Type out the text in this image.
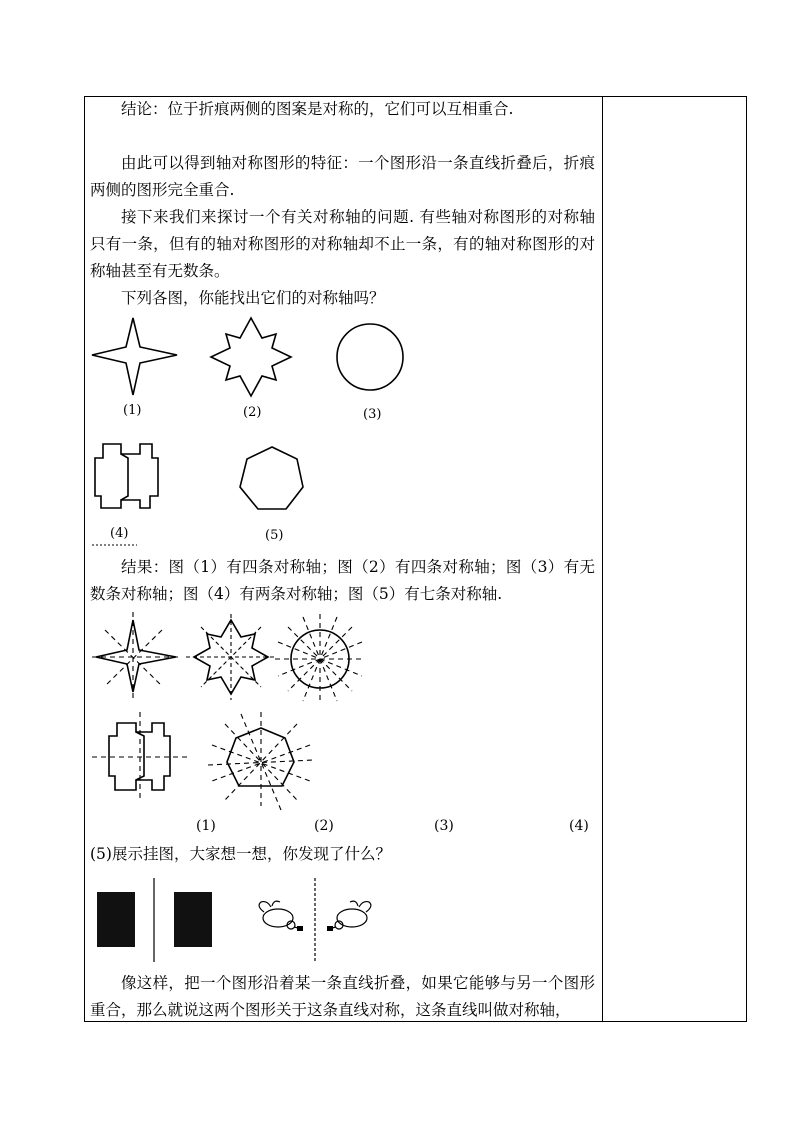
结论：位于折痕两侧的图案是对称的，它们可以互相重合.

由此可以得到轴对称图形的特征：一个图形沿一条直线折叠后，折痕两侧的图形完全重合.

接下来我们来探讨一个有关对称轴的问题. 有些轴对称图形的对称轴只有一条，但有的轴对称图形的对称轴却不止一条，有的轴对称图形的对称轴甚至有无数条。

下列各图，你能找出它们的对称轴吗？

(1)	(2)	(3)
(4)	(5)

结果：图（1）有四条对称轴；图（2）有四条对称轴；图（3）有无数条对称轴；图（4）有两条对称轴；图（5）有七条对称轴.

(1)	(2)	(3)	(4)

(5)展示挂图，大家想一想，你发现了什么？

像这样，把一个图形沿着某一条直线折叠，如果它能够与另一个图形重合，那么就说这两个图形关于这条直线对称，这条直线叫做对称轴，
